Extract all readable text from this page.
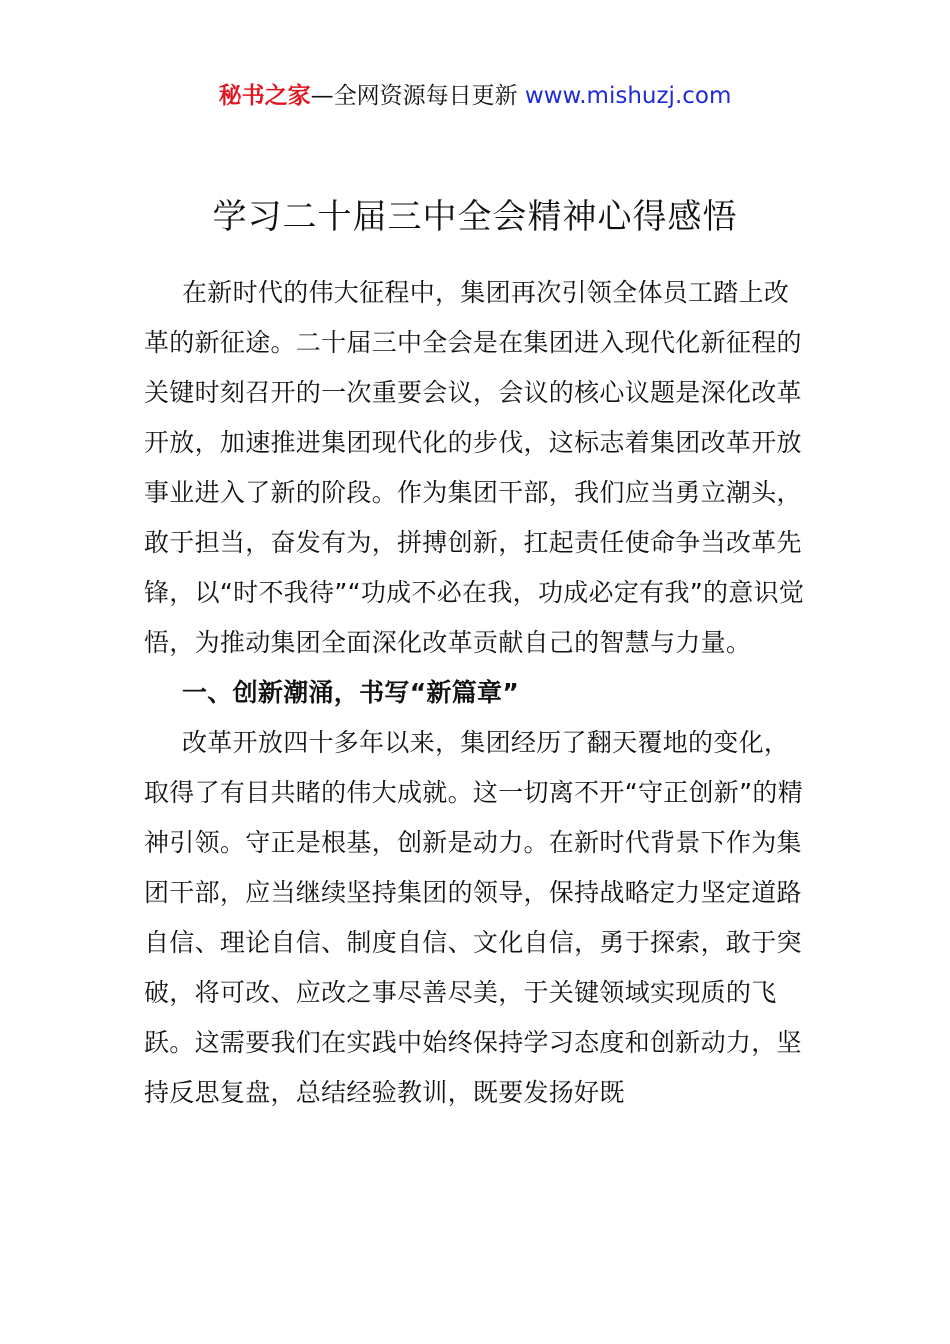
秘书之家—全网资源每日更新 www.mishuzj.com
学习二十届三中全会精神心得感悟

在新时代的伟大征程中，集团再次引领全体员工踏上改革的新征途。二十届三中全会是在集团进入现代化新征程的关键时刻召开的一次重要会议，会议的核心议题是深化改革开放，加速推进集团现代化的步伐，这标志着集团改革开放事业进入了新的阶段。作为集团干部，我们应当勇立潮头，敢于担当，奋发有为，拼搏创新，扛起责任使命争当改革先锋，以“时不我待”“功成不必在我，功成必定有我”的意识觉悟，为推动集团全面深化改革贡献自己的智慧与力量。

一、创新潮涌，书写“新篇章”

改革开放四十多年以来，集团经历了翻天覆地的变化，取得了有目共睹的伟大成就。这一切离不开“守正创新”的精神引领。守正是根基，创新是动力。在新时代背景下作为集团干部，应当继续坚持集团的领导，保持战略定力坚定道路自信、理论自信、制度自信、文化自信，勇于探索，敢于突破，将可改、应改之事尽善尽美，于关键领域实现质的飞跃。这需要我们在实践中始终保持学习态度和创新动力，坚持反思复盘，总结经验教训，既要发扬好既
